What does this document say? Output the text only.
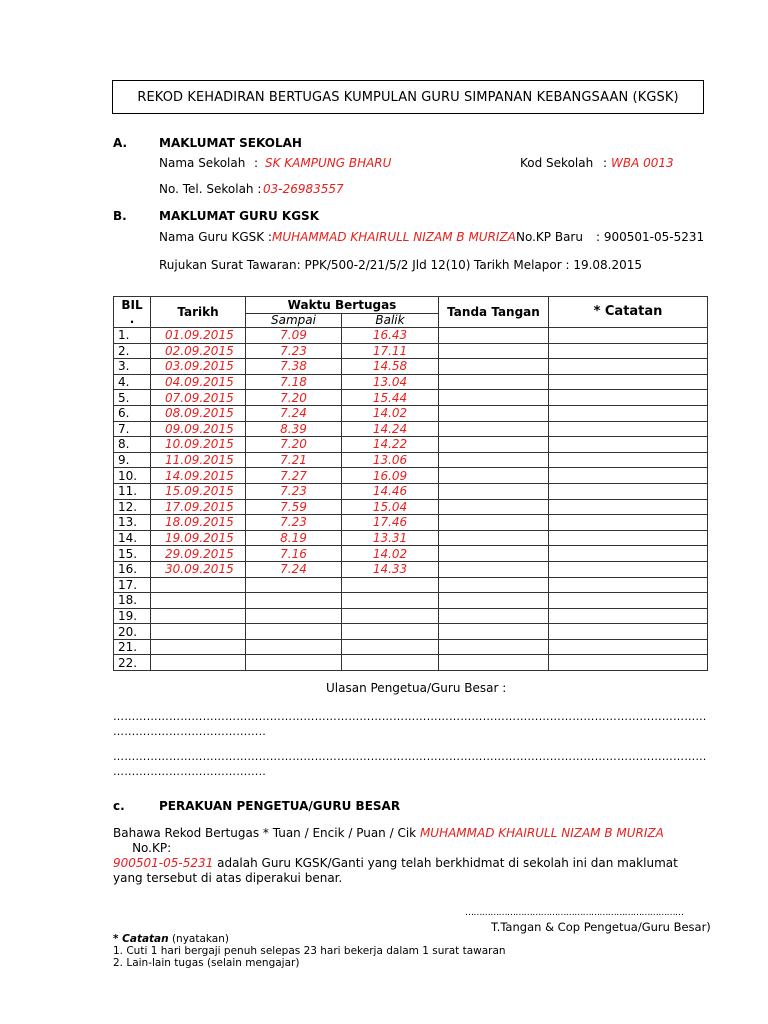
REKOD KEHADIRAN BERTUGAS KUMPULAN GURU SIMPANAN KEBANGSAAN (KGSK)
A.	MAKLUMAT SEKOLAH
Nama Sekolah : SK KAMPUNG BHARU	Kod Sekolah : WBA 0013
No. Tel. Sekolah : 03-26983557
B.	MAKLUMAT GURU KGSK
Nama Guru KGSK : MUHAMMAD KHAIRULL NIZAM B MURIZA No.KP Baru : 900501-05-5231
Rujukan Surat Tawaran: PPK/500-2/21/5/2 Jld 12(10) Tarikh Melapor : 19.08.2015
BIL
.	Tarikh	Waktu Bertugas		Tanda Tangan	* Catatan
		Sampai	Balik		
1.	01.09.2015	7.09	16.43		
2.	02.09.2015	7.23	17.11		
3.	03.09.2015	7.38	14.58		
4.	04.09.2015	7.18	13.04		
5.	07.09.2015	7.20	15.44		
6.	08.09.2015	7.24	14.02		
7.	09.09.2015	8.39	14.24		
8.	10.09.2015	7.20	14.22		
9.	11.09.2015	7.21	13.06		
10.	14.09.2015	7.27	16.09		
11.	15.09.2015	7.23	14.46		
12.	17.09.2015	7.59	15.04		
13.	18.09.2015	7.23	17.46		
14.	19.09.2015	8.19	13.31		
15.	29.09.2015	7.16	14.02		
16.	30.09.2015	7.24	14.33		
17.					
18.					
19.					
20.					
21.					
22.					
Ulasan Pengetua/Guru Besar :
……………………………………………………………………………………………………………………………………………
…………………………………..
……………………………………………………………………………………………………………………………………………
…………………………………..
c.	PERAKUAN PENGETUA/GURU BESAR
Bahawa Rekod Bertugas * Tuan / Encik / Puan / Cik MUHAMMAD KHAIRULL NIZAM B MURIZA     No.KP:
900501-05-5231 adalah Guru KGSK/Ganti yang telah berkhidmat di sekolah ini dan maklumat yang tersebut di atas diperakui benar.
……………………………………………………………………
T.Tangan & Cop Pengetua/Guru Besar)
* Catatan (nyatakan)
1. Cuti 1 hari bergaji penuh selepas 23 hari bekerja dalam 1 surat tawaran
2. Lain-lain tugas (selain mengajar)
